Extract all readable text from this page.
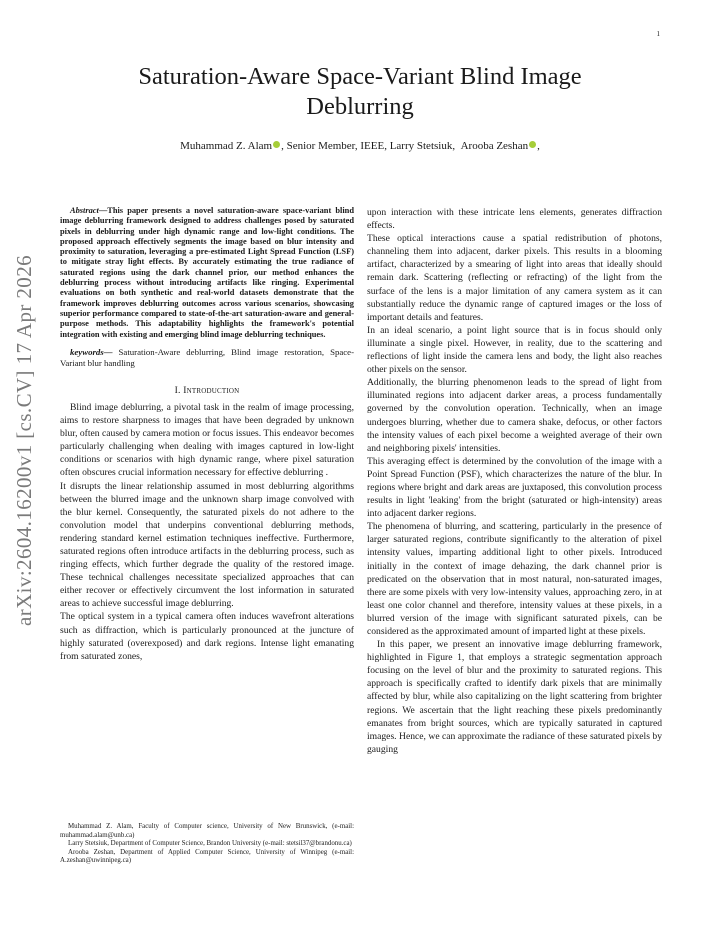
1
arXiv:2604.16200v1 [cs.CV] 17 Apr 2026
Saturation-Aware Space-Variant Blind Image Deblurring
Muhammad Z. Alam , Senior Member, IEEE, Larry Stetsiuk, Arooba Zeshan ,

Abstract—This paper presents a novel saturation-aware space-variant blind image deblurring framework designed to address challenges posed by saturated pixels in deblurring under high dynamic range and low-light conditions. The proposed approach effectively segments the image based on blur intensity and proximity to saturation, leveraging a pre-estimated Light Spread Function (LSF) to mitigate stray light effects. By accurately estimating the true radiance of saturated regions using the dark channel prior, our method enhances the deblurring process without introducing artifacts like ringing. Experimental evaluations on both synthetic and real-world datasets demonstrate that the framework improves deblurring outcomes across various scenarios, showcasing superior performance compared to state-of-the-art saturation-aware and general-purpose methods. This adaptability highlights the framework's potential integration with existing and emerging blind image deblurring techniques.

keywords— Saturation-Aware deblurring, Blind image restoration, Space-Variant blur handling

I. Introduction

Blind image deblurring, a pivotal task in the realm of image processing, aims to restore sharpness to images that have been degraded by unknown blur, often caused by camera motion or focus issues. This endeavor becomes particularly challenging when dealing with images captured in low-light conditions or scenarios with high dynamic range, where pixel saturation often obscures crucial information necessary for effective deblurring .

It disrupts the linear relationship assumed in most deblurring algorithms between the blurred image and the unknown sharp image convolved with the blur kernel. Consequently, the saturated pixels do not adhere to the convolution model that underpins conventional deblurring methods, rendering standard kernel estimation techniques ineffective. Furthermore, saturated regions often introduce artifacts in the deblurring process, such as ringing effects, which further degrade the quality of the restored image. These technical challenges necessitate specialized approaches that can either recover or effectively circumvent the lost information in saturated areas to achieve successful image deblurring.

The optical system in a typical camera often induces wavefront alterations such as diffraction, which is particularly pronounced at the juncture of highly saturated (overexposed) and dark regions. Intense light emanating from saturated zones,

Muhammad Z. Alam, Faculty of Computer science, University of New Brunswick, (e-mail: muhammad.alam@unb.ca)

Larry Stetsiuk, Department of Computer Science, Brandon University (e-mail: stetsil37@brandonu.ca)

Arooba Zeshan, Department of Applied Computer Science, University of Winnipeg (e-mail: A.zeshan@uwinnipeg.ca)

upon interaction with these intricate lens elements, generates diffraction effects.

These optical interactions cause a spatial redistribution of photons, channeling them into adjacent, darker pixels. This results in a blooming artifact, characterized by a smearing of light into areas that ideally should remain dark. Scattering (reflecting or refracting) of the light from the surface of the lens is a major limitation of any camera system as it can substantially reduce the dynamic range of captured images or the loss of important details and features.

In an ideal scenario, a point light source that is in focus should only illuminate a single pixel. However, in reality, due to the scattering and reflections of light inside the camera lens and body, the light also reaches other pixels on the sensor.

Additionally, the blurring phenomenon leads to the spread of light from illuminated regions into adjacent darker areas, a process fundamentally governed by the convolution operation. Technically, when an image undergoes blurring, whether due to camera shake, defocus, or other factors the intensity values of each pixel become a weighted average of their own and neighboring pixels' intensities.

This averaging effect is determined by the convolution of the image with a Point Spread Function (PSF), which characterizes the nature of the blur. In regions where bright and dark areas are juxtaposed, this convolution process results in light 'leaking' from the bright (saturated or high-intensity) areas into adjacent darker regions.

The phenomena of blurring, and scattering, particularly in the presence of larger saturated regions, contribute significantly to the alteration of pixel intensity values, imparting additional light to other pixels. Introduced initially in the context of image dehazing, the dark channel prior is predicated on the observation that in most natural, non-saturated images, there are some pixels with very low-intensity values, approaching zero, in at least one color channel and therefore, intensity values at these pixels, in a blurred version of the image with significant saturated pixels, can be considered as the approximated amount of imparted light at these pixels.

In this paper, we present an innovative image deblurring framework, highlighted in Figure 1, that employs a strategic segmentation approach focusing on the level of blur and the proximity to saturated regions. This approach is specifically crafted to identify dark pixels that are minimally affected by blur, while also capitalizing on the light scattering from brighter regions. We ascertain that the light reaching these pixels predominantly emanates from bright sources, which are typically saturated in captured images. Hence, we can approximate the radiance of these saturated pixels by gauging
